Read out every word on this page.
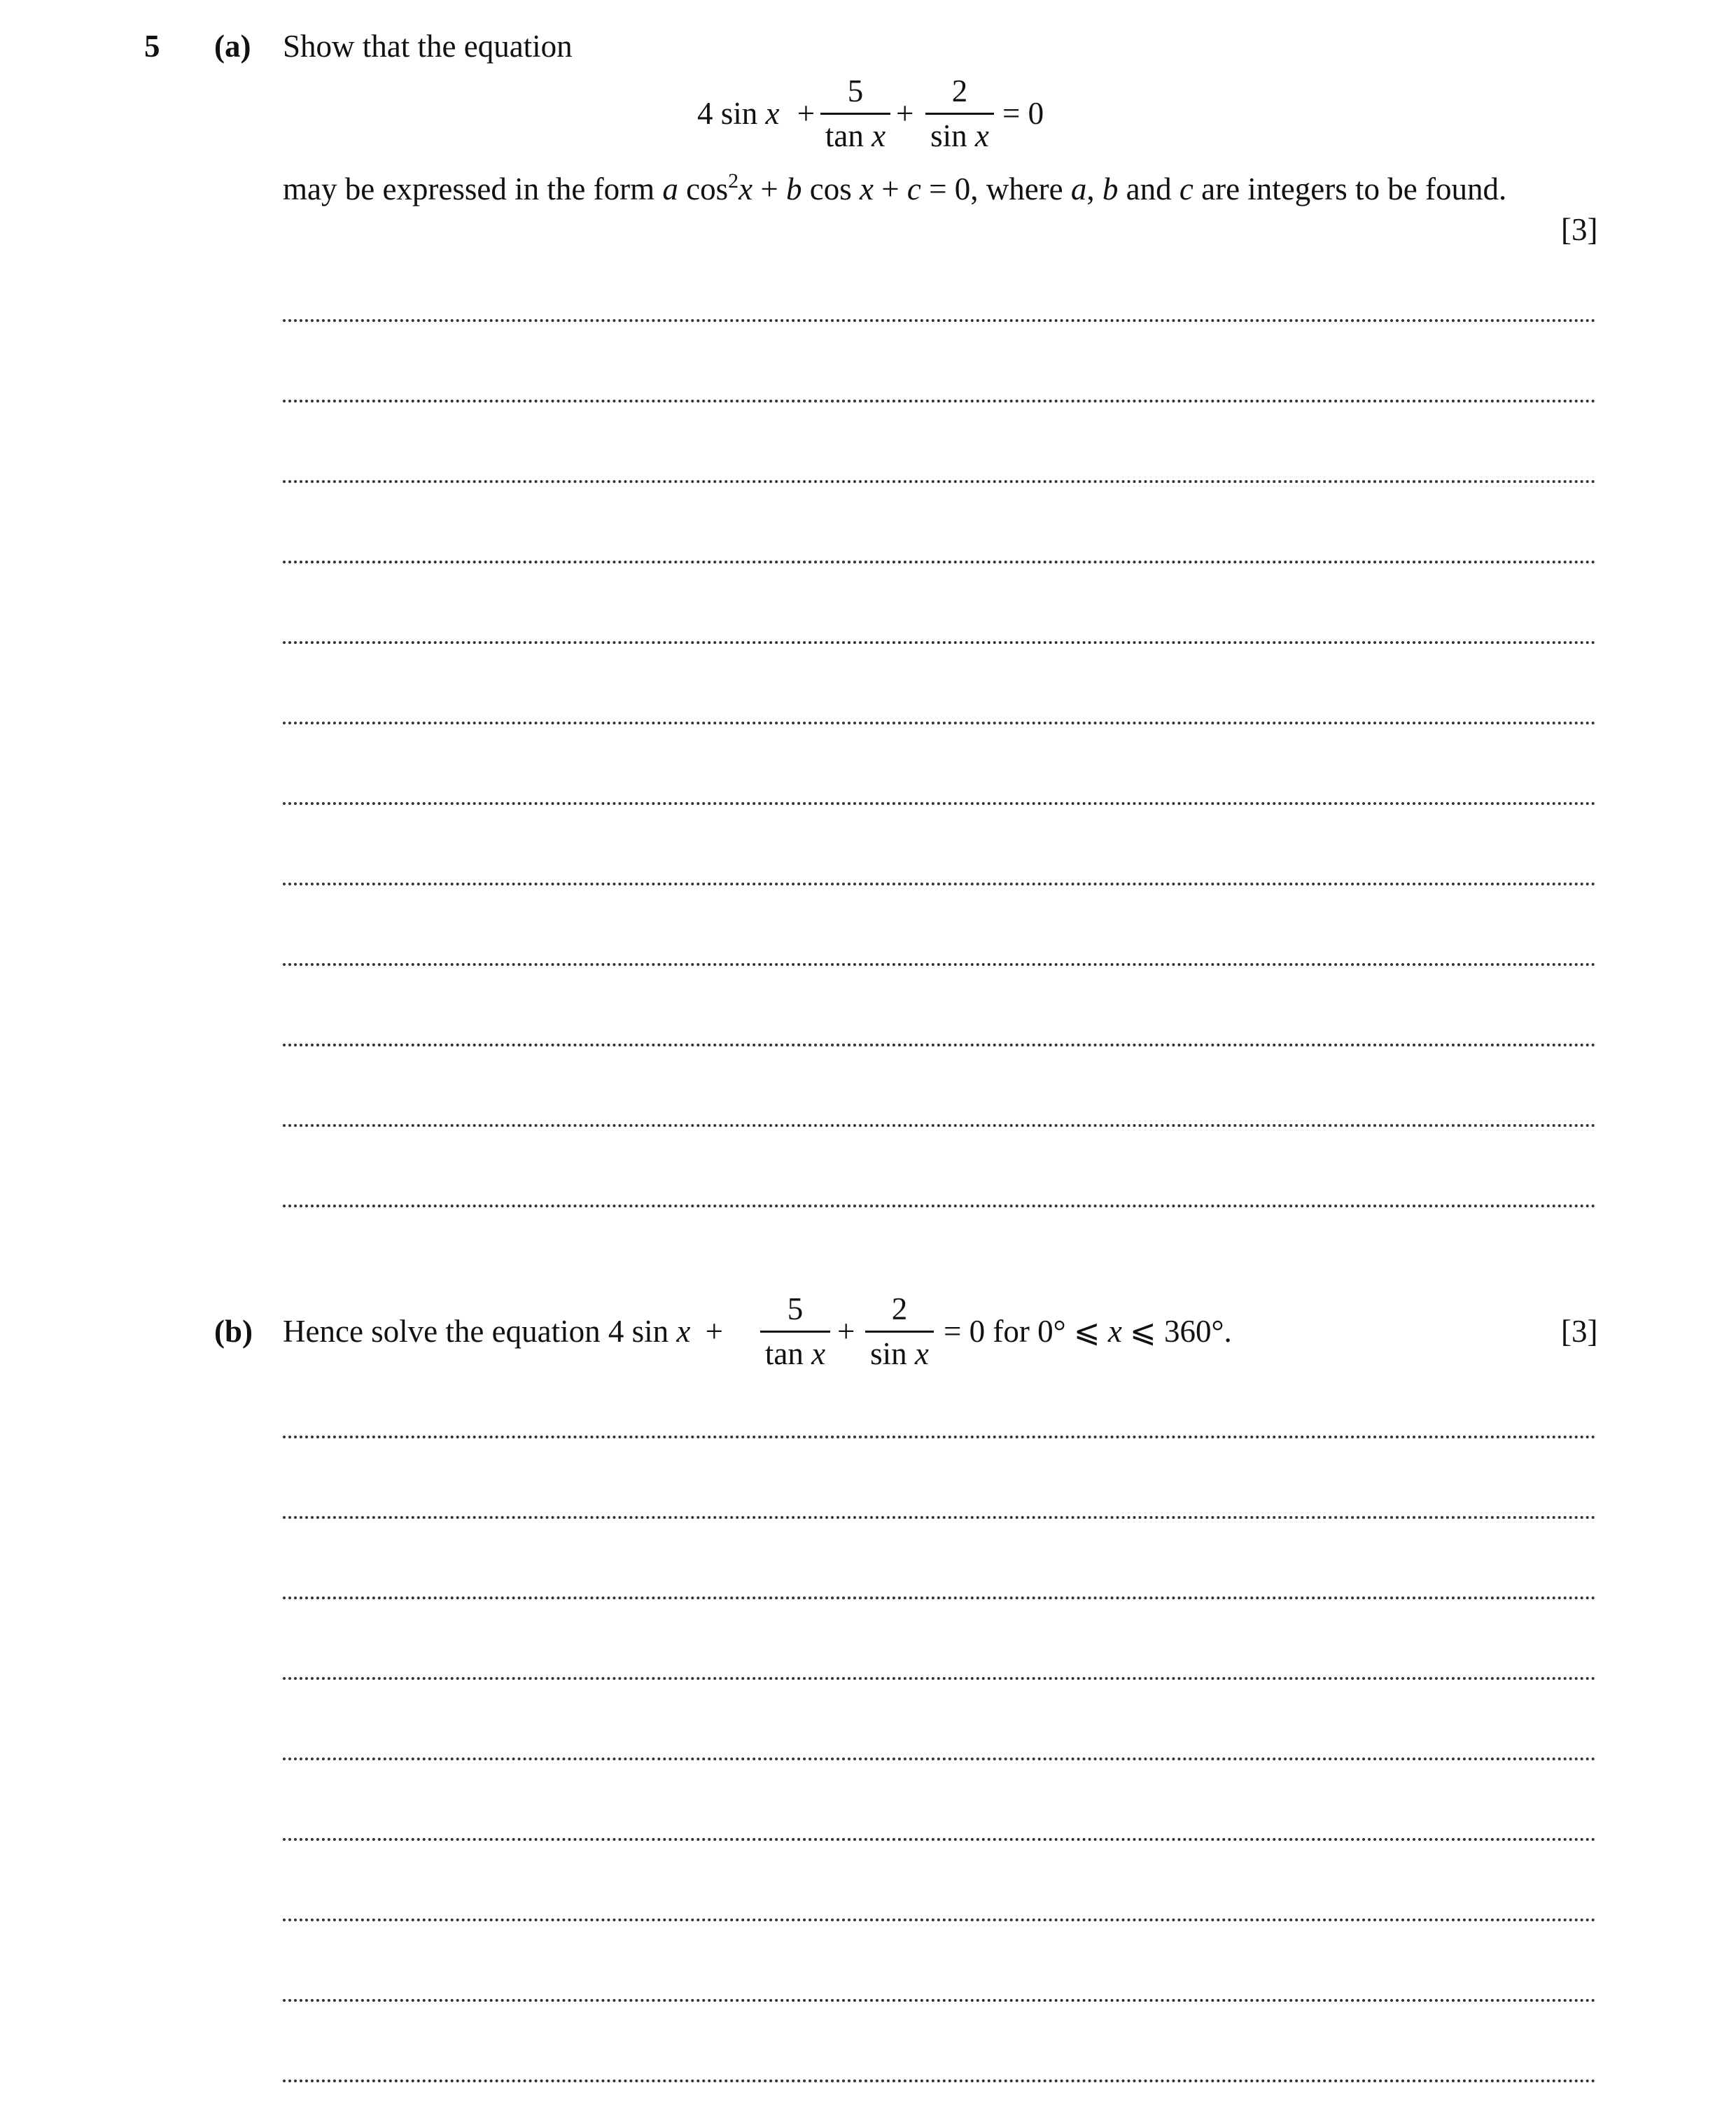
5 (a) Show that the equation
4 sin x +
5
tan x
+
2
sin x
= 0
may be expressed in the form a $\cos^2x + b$ cos x + c = 0, where a, b and c are integers to be found.
[3]
(b) Hence solve the equation 4 sin x +
5
tan x
+
2
sin x
= 0 for 0° ⩽ x ⩽ 360°.	[3]
